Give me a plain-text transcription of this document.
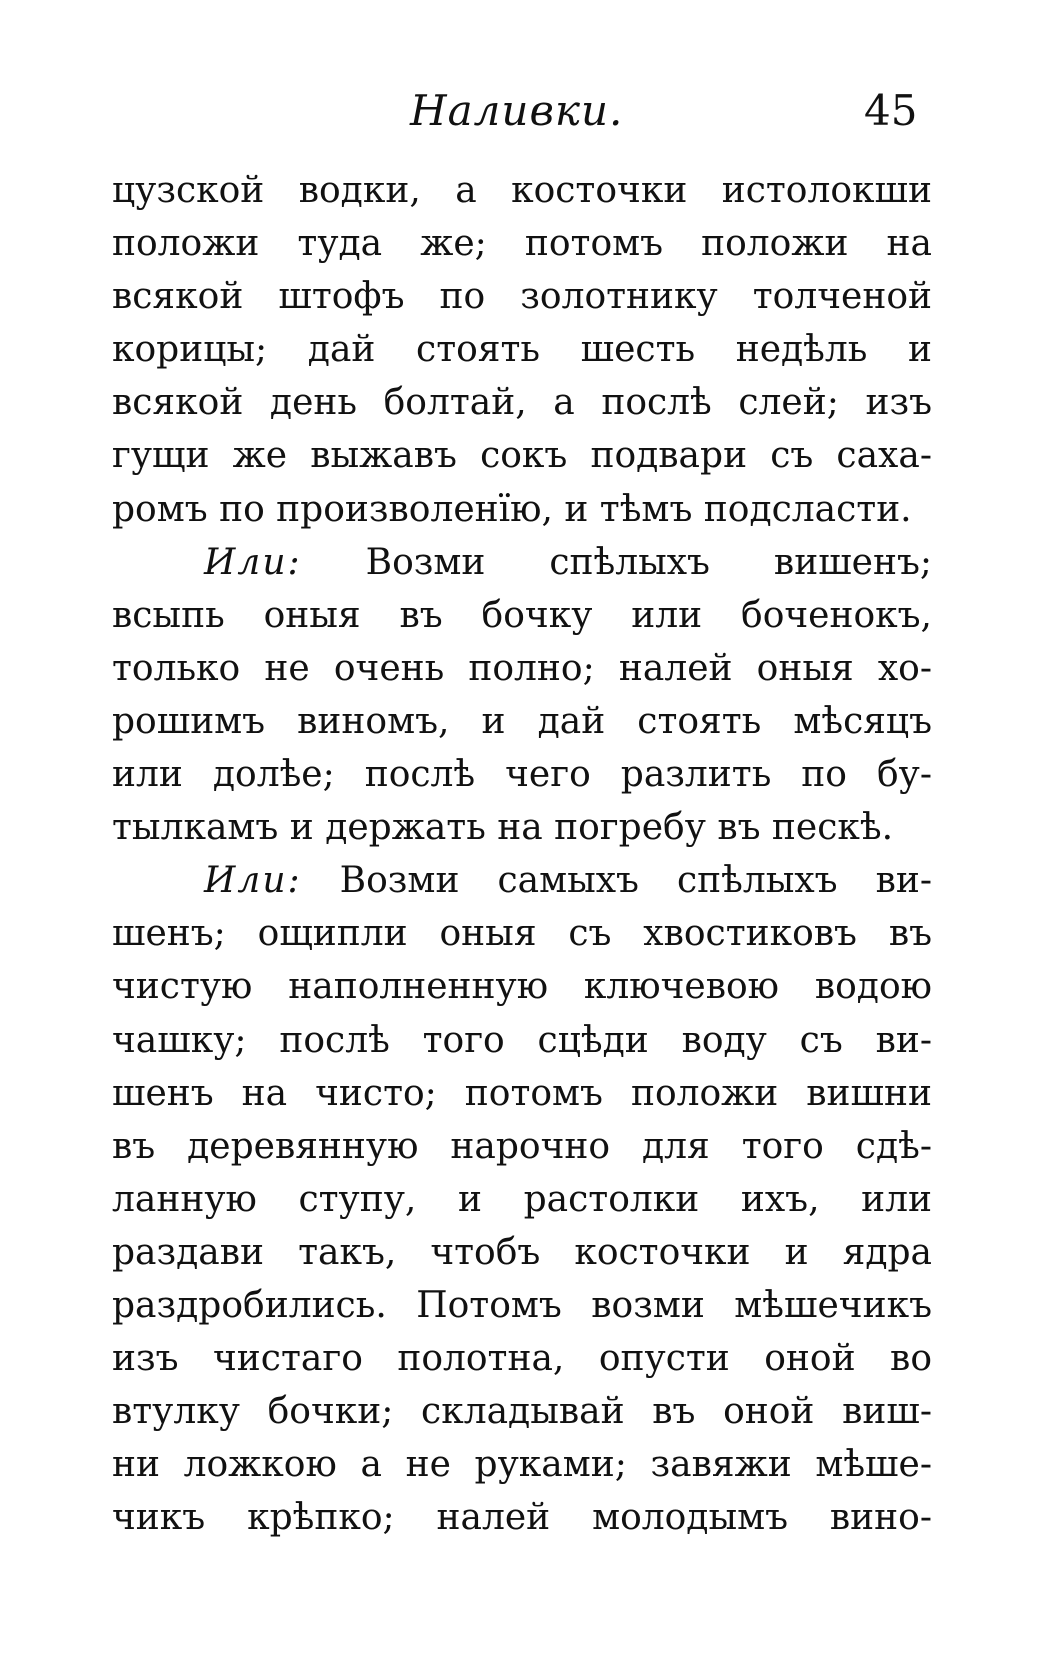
Наливки.	45
цузской водки, а косточки истолокши
положи туда же; потомъ положи на
всякой штофъ по золотнику толченой
корицы; дай стоять шесть недѣль и
всякой день болтай, а послѣ слей; изъ
гущи же выжавъ сокъ подвари съ саха-
ромъ по произволенїю, и тѣмъ подсласти.
Или: Возми спѣлыхъ вишенъ;
всыпь оныя въ бочку или боченокъ,
только не очень полно; налей оныя хо-
рошимъ виномъ, и дай стоять мѣсяцъ
или долѣе; послѣ чего разлить по бу-
тылкамъ и держать на погребу въ пескѣ.
Или: Возми самыхъ спѣлыхъ ви-
шенъ; ощипли оныя съ хвостиковъ въ
чистую наполненную ключевою водою
чашку; послѣ того сцѣди воду съ ви-
шенъ на чисто; потомъ положи вишни
въ деревянную нарочно для того сдѣ-
ланную ступу, и растолки ихъ, или
раздави такъ, чтобъ косточки и ядра
раздробились. Потомъ возми мѣшечикъ
изъ чистаго полотна, опусти оной во
втулку бочки; складывай въ оной виш-
ни ложкою а не руками; завяжи мѣше-
чикъ крѣпко; налей молодымъ вино-
